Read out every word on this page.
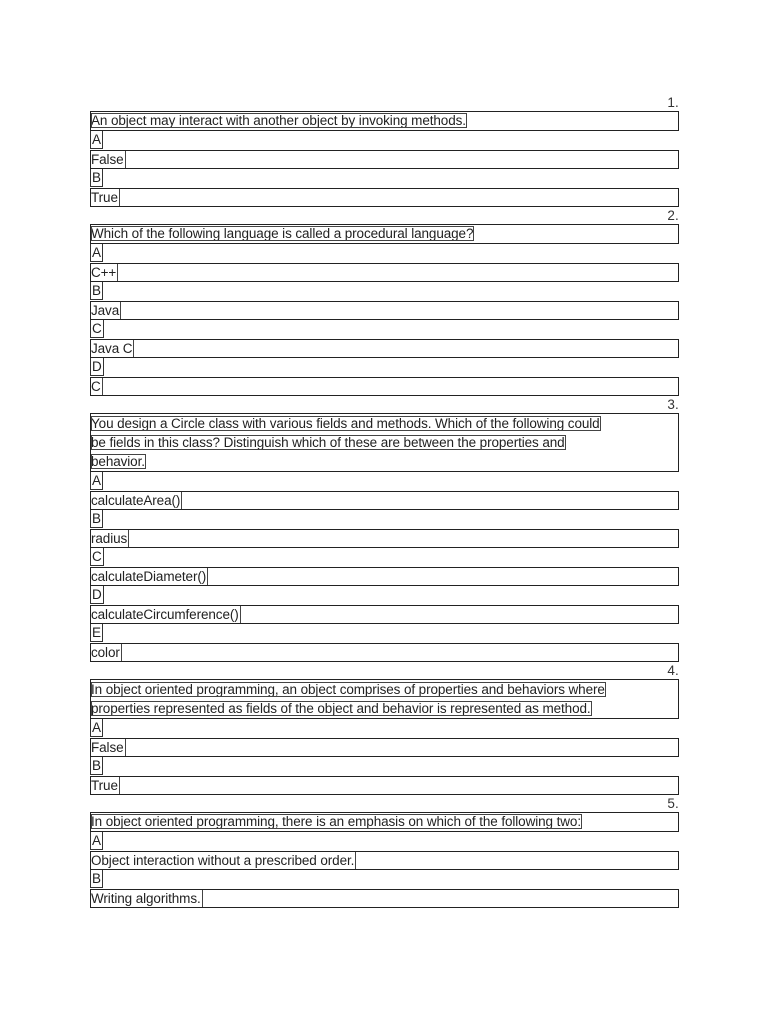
1.
An object may interact with another object by invoking methods.
A
False
B
True
2.
Which of the following language is called a procedural language?
A
C++
B
Java
C
Java C
D
C
3.
You design a Circle class with various fields and methods. Which of the following could
be fields in this class? Distinguish which of these are between the properties and
behavior.
A
calculateArea()
B
radius
C
calculateDiameter()
D
calculateCircumference()
E
color
4.
In object oriented programming, an object comprises of properties and behaviors where
properties represented as fields of the object and behavior is represented as method.
A
False
B
True
5.
In object oriented programming, there is an emphasis on which of the following two:
A
Object interaction without a prescribed order.
B
Writing algorithms.
